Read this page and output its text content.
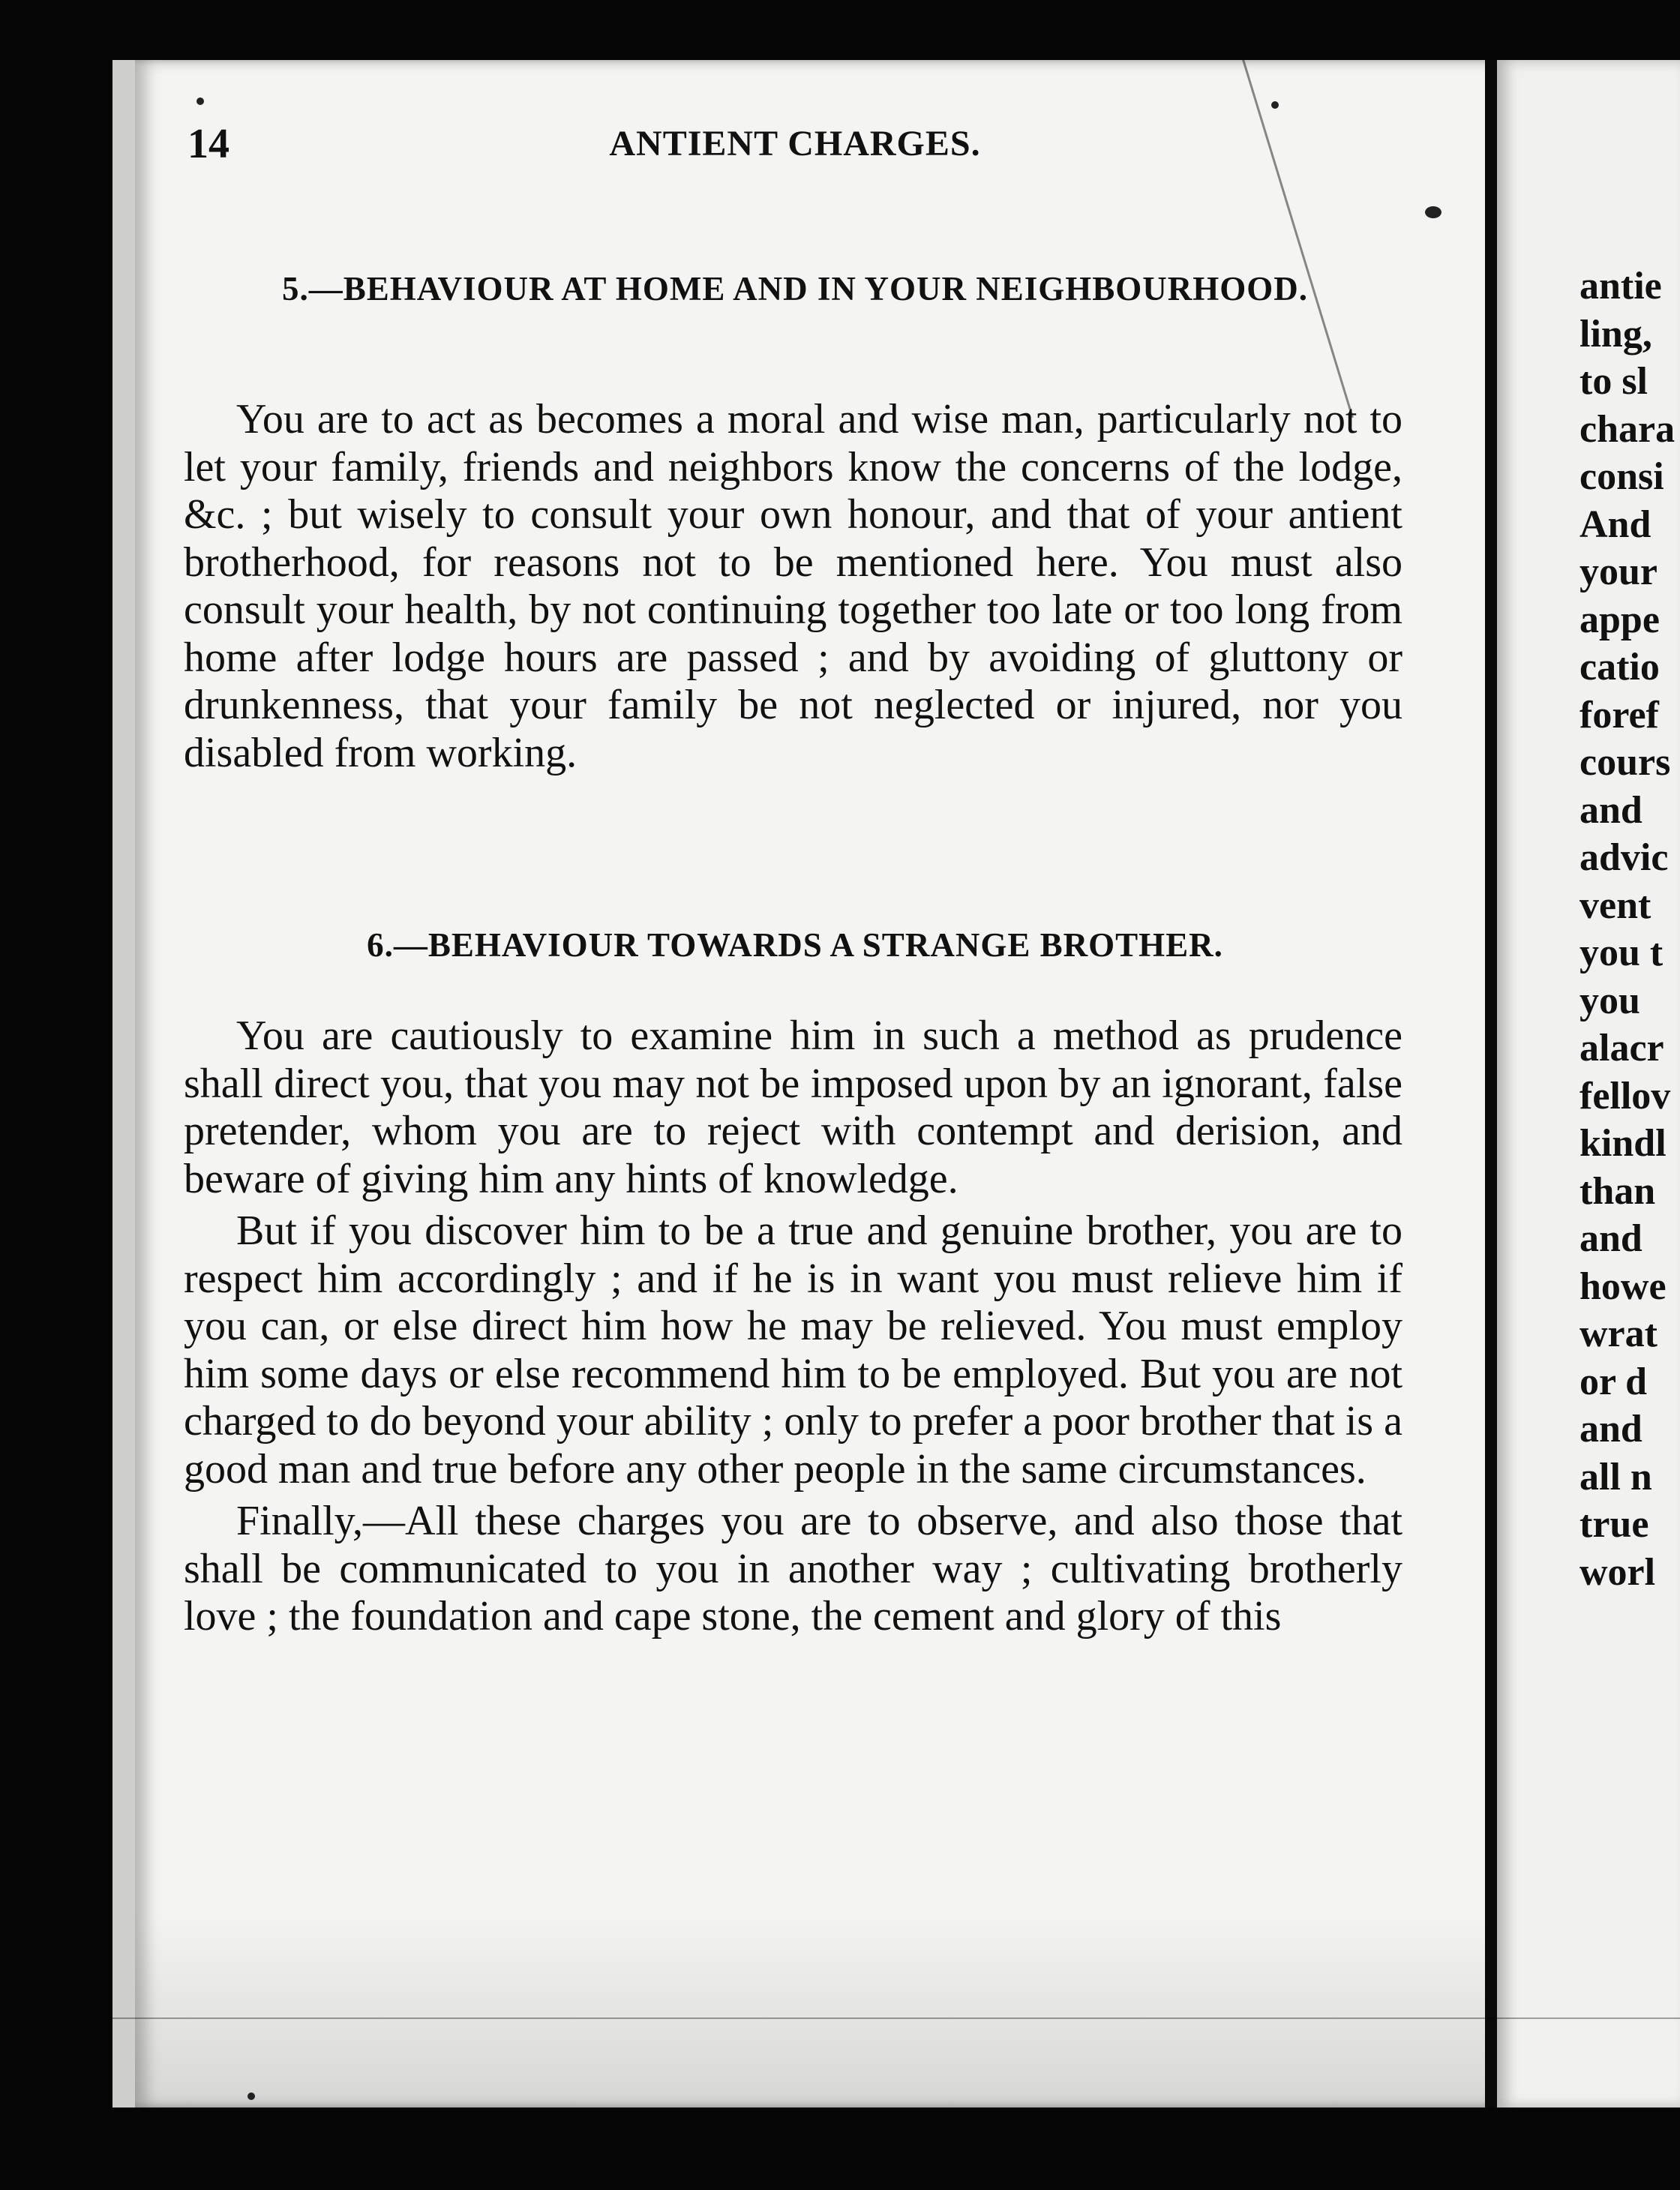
antie
ling,
to sl
chara
consi
And
your
appe
catio
foref
cours
and
advic
vent
you t
you
alacr
fellov
kindl
than
and
howe
wrat
or d
and
all n
true
worl
14	ANTIENT CHARGES.
5.—BEHAVIOUR AT HOME AND IN YOUR NEIGHBOURHOOD.

You are to act as becomes a moral and wise man, particularly not to let your family, friends and neighbors know the concerns of the lodge, &c. ; but wisely to consult your own honour, and that of your antient brotherhood, for reasons not to be mentioned here. You must also consult your health, by not continuing together too late or too long from home after lodge hours are passed ; and by avoiding of gluttony or drunkenness, that your family be not neglected or injured, nor you disabled from working.

6.—BEHAVIOUR TOWARDS A STRANGE BROTHER.

You are cautiously to examine him in such a method as prudence shall direct you, that you may not be imposed upon by an ignorant, false pretender, whom you are to reject with contempt and derision, and beware of giving him any hints of knowledge.

But if you discover him to be a true and genuine brother, you are to respect him accordingly ; and if he is in want you must relieve him if you can, or else direct him how he may be relieved. You must employ him some days or else recommend him to be employed. But you are not charged to do beyond your ability ; only to prefer a poor brother that is a good man and true before any other people in the same circumstances.

Finally,—All these charges you are to observe, and also those that shall be communicated to you in another way ; cultivating brotherly love ; the foundation and cape stone, the cement and glory of this
